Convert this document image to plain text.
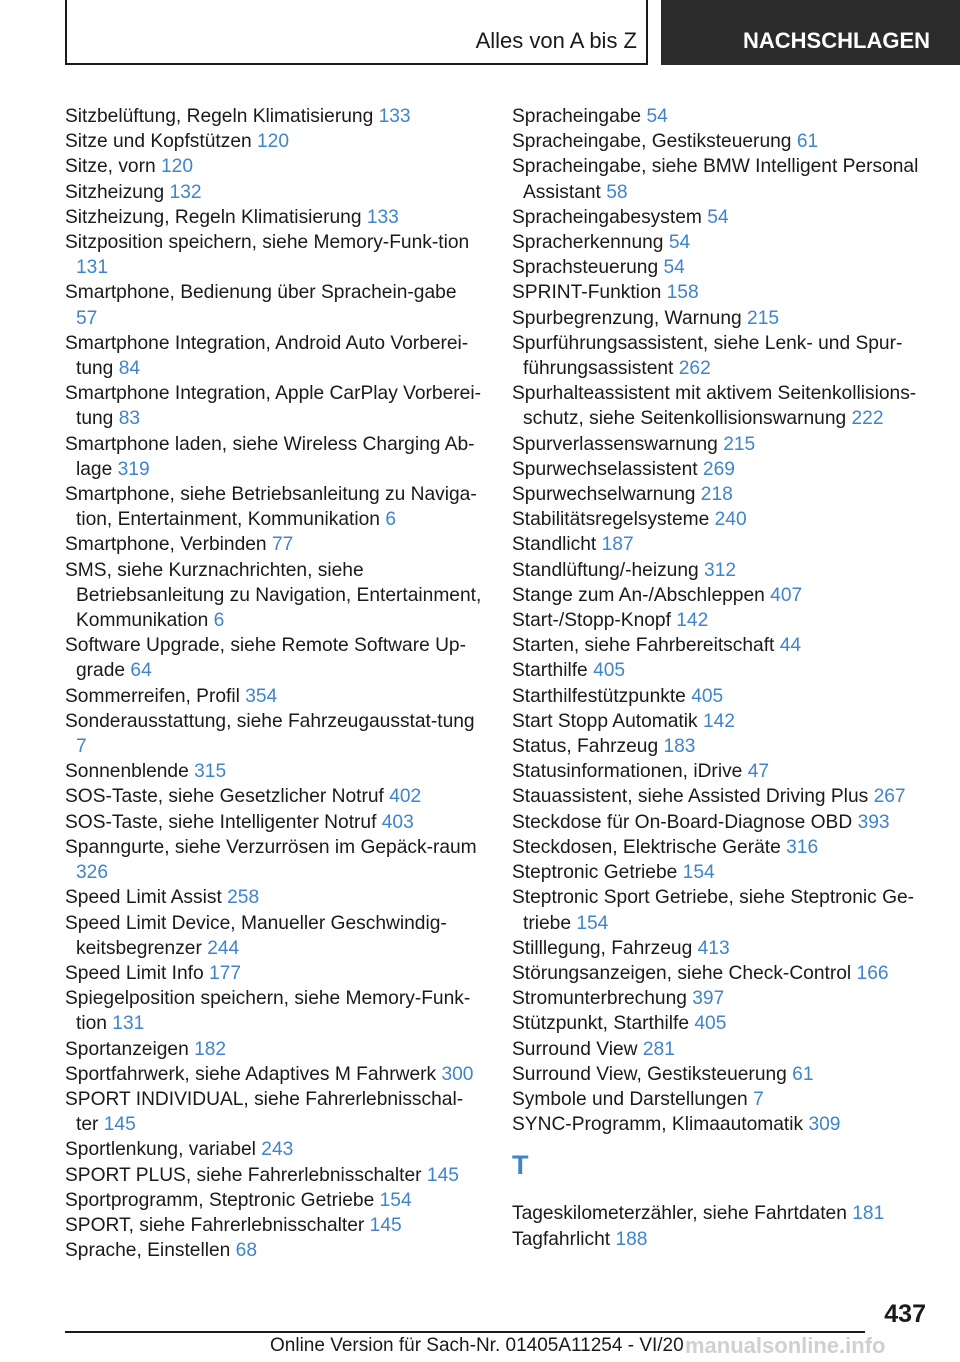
Alles von A bis Z	NACHSCHLAGEN
Sitzbelüftung, Regeln Klimatisierung 133
Sitze und Kopfstützen 120
Sitze, vorn 120
Sitzheizung 132
Sitzheizung, Regeln Klimatisierung 133
Sitzposition speichern, siehe Memory-Funk‐tion 131
Smartphone, Bedienung über Sprachein‐gabe 57
Smartphone Integration, Android Auto Vorberei‐tung 84
Smartphone Integration, Apple CarPlay Vorberei‐tung 83
Smartphone laden, siehe Wireless Charging Ab‐lage 319
Smartphone, siehe Betriebsanleitung zu Naviga‐tion, Entertainment, Kommunikation 6
Smartphone, Verbinden 77
SMS, siehe Kurznachrichten, siehe Betriebsanleitung zu Navigation, Entertainment, Kommunikation 6
Software Upgrade, siehe Remote Software Up‐grade 64
Sommerreifen, Profil 354
Sonderausstattung, siehe Fahrzeugausstat‐tung 7
Sonnenblende 315
SOS-Taste, siehe Gesetzlicher Notruf 402
SOS-Taste, siehe Intelligenter Notruf 403
Spanngurte, siehe Verzurrösen im Gepäck‐raum 326
Speed Limit Assist 258
Speed Limit Device, Manueller Geschwindig‐keitsbegrenzer 244
Speed Limit Info 177
Spiegelposition speichern, siehe Memory-Funk‐tion 131
Sportanzeigen 182
Sportfahrwerk, siehe Adaptives M Fahrwerk 300
SPORT INDIVIDUAL, siehe Fahrerlebnisschal‐ter 145
Sportlenkung, variabel 243
SPORT PLUS, siehe Fahrerlebnisschalter 145
Sportprogramm, Steptronic Getriebe 154
SPORT, siehe Fahrerlebnisschalter 145
Sprache, Einstellen 68
Spracheingabe 54
Spracheingabe, Gestiksteuerung 61
Spracheingabe, siehe BMW Intelligent Personal Assistant 58
Spracheingabesystem 54
Spracherkennung 54
Sprachsteuerung 54
SPRINT-Funktion 158
Spurbegrenzung, Warnung 215
Spurführungsassistent, siehe Lenk- und Spur‐führungsassistent 262
Spurhalteassistent mit aktivem Seitenkollisions‐schutz, siehe Seitenkollisionswarnung 222
Spurverlassenswarnung 215
Spurwechselassistent 269
Spurwechselwarnung 218
Stabilitätsregelsysteme 240
Standlicht 187
Standlüftung/-heizung 312
Stange zum An-/Abschleppen 407
Start-/Stopp-Knopf 142
Starten, siehe Fahrbereitschaft 44
Starthilfe 405
Starthilfestützpunkte 405
Start Stopp Automatik 142
Status, Fahrzeug 183
Statusinformationen, iDrive 47
Stauassistent, siehe Assisted Driving Plus 267
Steckdose für On-Board-Diagnose OBD 393
Steckdosen, Elektrische Geräte 316
Steptronic Getriebe 154
Steptronic Sport Getriebe, siehe Steptronic Ge‐triebe 154
Stilllegung, Fahrzeug 413
Störungsanzeigen, siehe Check-Control 166
Stromunterbrechung 397
Stützpunkt, Starthilfe 405
Surround View 281
Surround View, Gestiksteuerung 61
Symbole und Darstellungen 7
SYNC-Programm, Klimaautomatik 309
T
Tageskilometerzähler, siehe Fahrtdaten 181
Tagfahrlicht 188
437
Online Version für Sach-Nr. 01405A11254 - VI/20 manualsonline.info
